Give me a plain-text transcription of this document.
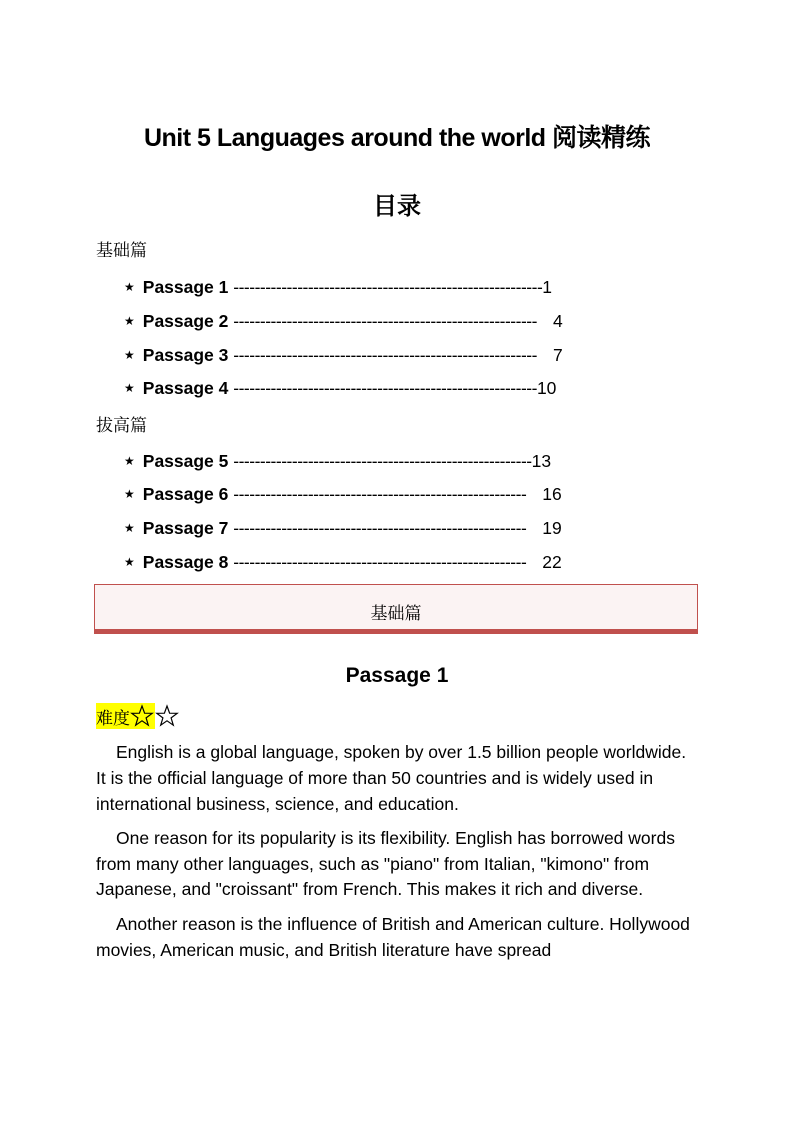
Unit 5 Languages around the world 阅读精练
目录
基础篇
★ Passage 1 ----------------------------------------------------------1
★ Passage 2 --------------------------------------------------------- 4
★ Passage 3 --------------------------------------------------------- 7
★ Passage 4 ---------------------------------------------------------10
拔高篇
★ Passage 5 --------------------------------------------------------13
★ Passage 6 ------------------------------------------------------- 16
★ Passage 7 ------------------------------------------------------- 19
★ Passage 8 ------------------------------------------------------- 22
基础篇
Passage 1
难度

English is a global language, spoken by over 1.5 billion people worldwide. It is the official language of more than 50 countries and is widely used in international business, science, and education.

One reason for its popularity is its flexibility. English has borrowed words from many other languages, such as "piano" from Italian, "kimono" from Japanese, and "croissant" from French. This makes it rich and diverse.

Another reason is the influence of British and American culture. Hollywood movies, American music, and British literature have spread
